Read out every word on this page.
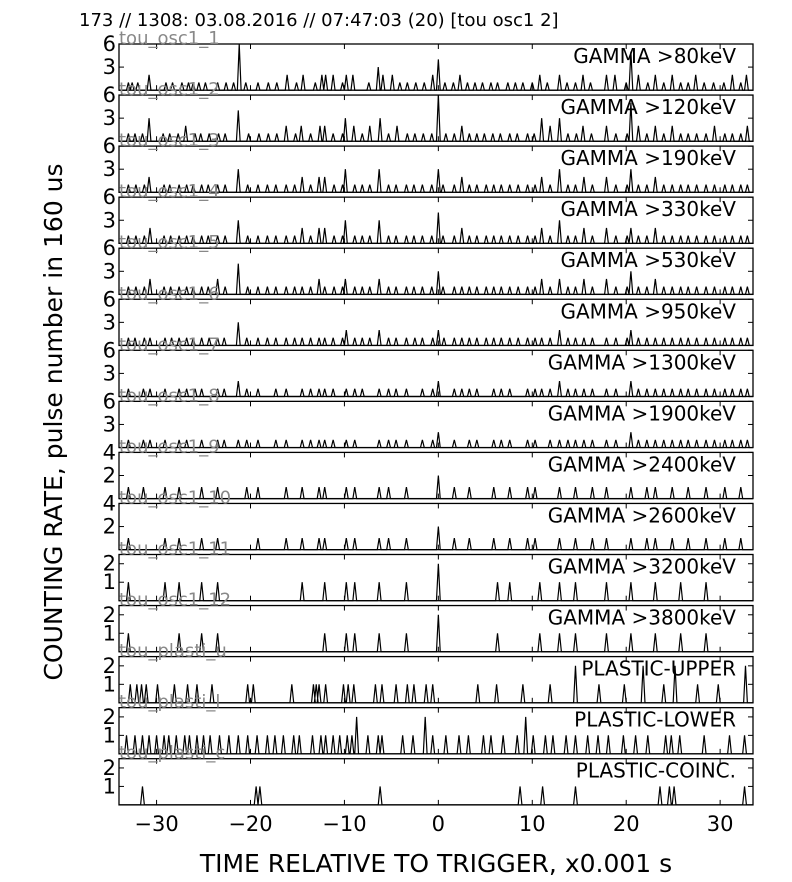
173 // 1308: 03.08.2016 // 07:47:03 (20) [tou osc1 2]
3
6	GAMMA >80keV
tou_osc1_1
3
6	GAMMA >120keV
tou_osc1_2
3
6	GAMMA >190keV
tou_osc1_3
3
6	GAMMA >330keV
tou_osc1_4
3
6	GAMMA >530keV
tou_osc1_5
3
6	GAMMA >950keV
tou_osc1_6
3
6	GAMMA >1300keV
tou_osc1_7
3
6	GAMMA >1900keV
tou_osc1_8
2
4	GAMMA >2400keV
tou_osc1_9
2
4	GAMMA >2600keV
tou_osc1_10
1
2	GAMMA >3200keV
tou_osc1_11
1
2	GAMMA >3800keV
tou_osc1_12
1
2	PLASTIC-UPPER
tou_plasti_u
1
2	PLASTIC-LOWER
tou_plasti_l
1
2	PLASTIC-COINC.
tou_plasti_c
−30 −20 −10	0	10	20	30
TIME RELATIVE TO TRIGGER, x0.001 s
COUNTING RATE, pulse number in 160 us
